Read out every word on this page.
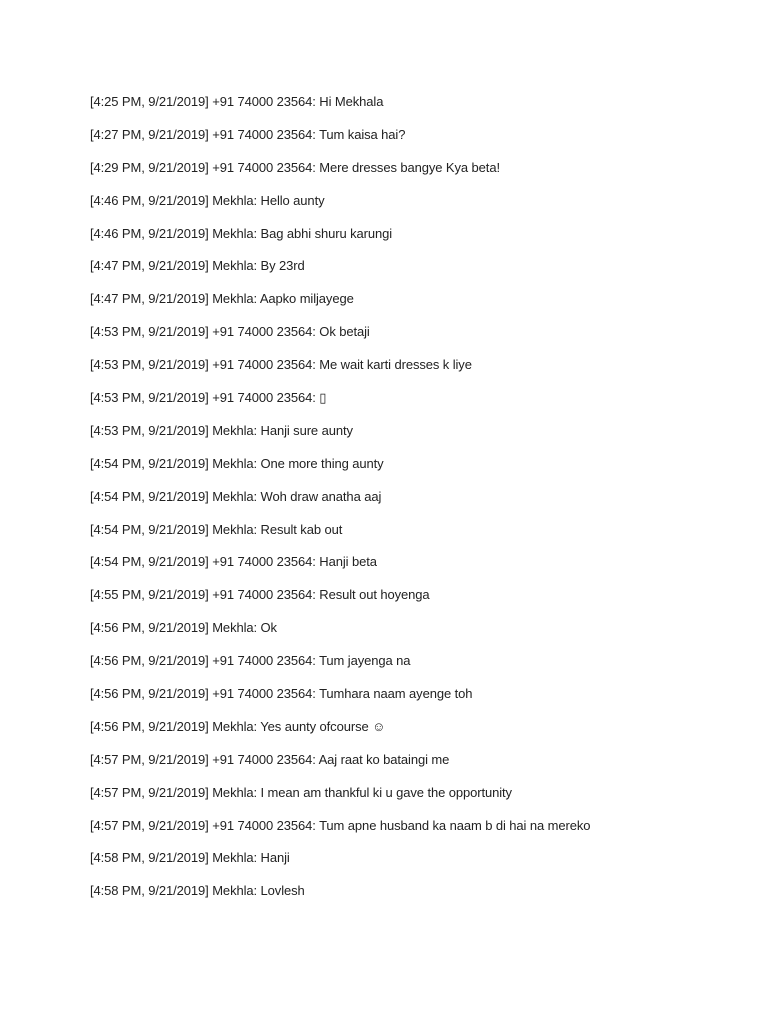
[4:25 PM, 9/21/2019] +91 74000 23564: Hi Mekhala
[4:27 PM, 9/21/2019] +91 74000 23564: Tum kaisa hai?
[4:29 PM, 9/21/2019] +91 74000 23564: Mere dresses bangye Kya beta!
[4:46 PM, 9/21/2019] Mekhla: Hello aunty
[4:46 PM, 9/21/2019] Mekhla: Bag abhi shuru karungi
[4:47 PM, 9/21/2019] Mekhla: By 23rd
[4:47 PM, 9/21/2019] Mekhla: Aapko miljayege
[4:53 PM, 9/21/2019] +91 74000 23564: Ok betaji
[4:53 PM, 9/21/2019] +91 74000 23564: Me wait karti dresses k liye
[4:53 PM, 9/21/2019] +91 74000 23564: ▯
[4:53 PM, 9/21/2019] Mekhla: Hanji sure aunty
[4:54 PM, 9/21/2019] Mekhla: One more thing aunty
[4:54 PM, 9/21/2019] Mekhla: Woh draw anatha aaj
[4:54 PM, 9/21/2019] Mekhla: Result kab out
[4:54 PM, 9/21/2019] +91 74000 23564: Hanji beta
[4:55 PM, 9/21/2019] +91 74000 23564: Result out hoyenga
[4:56 PM, 9/21/2019] Mekhla: Ok
[4:56 PM, 9/21/2019] +91 74000 23564: Tum jayenga na
[4:56 PM, 9/21/2019] +91 74000 23564: Tumhara naam ayenge toh
[4:56 PM, 9/21/2019] Mekhla: Yes aunty ofcourse ☺
[4:57 PM, 9/21/2019] +91 74000 23564: Aaj raat ko bataingi me
[4:57 PM, 9/21/2019] Mekhla: I mean am thankful ki u gave the opportunity
[4:57 PM, 9/21/2019] +91 74000 23564: Tum apne husband ka naam b di hai na mereko
[4:58 PM, 9/21/2019] Mekhla: Hanji
[4:58 PM, 9/21/2019] Mekhla: Lovlesh
